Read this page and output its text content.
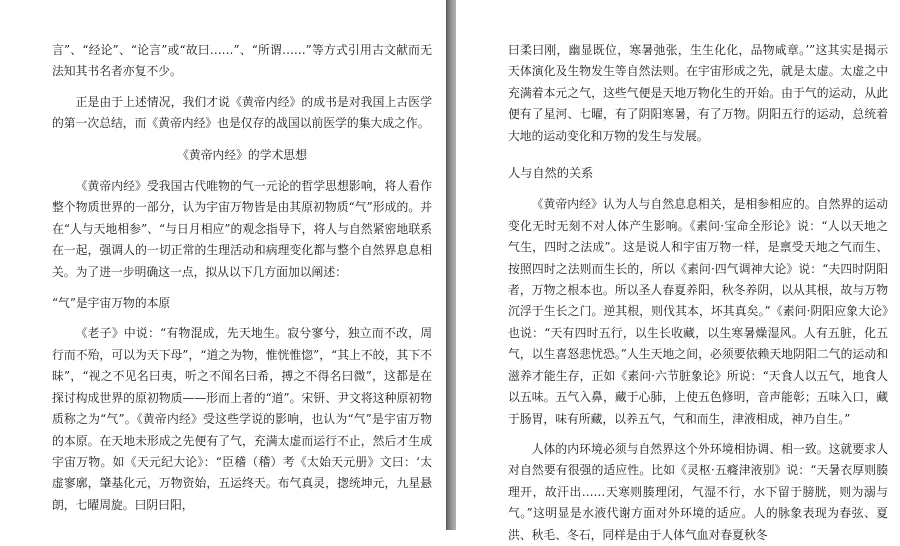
言”、“经论”、“论言”或“故曰……”、“所谓……”等方式引用古文献而无法知其书名者亦复不少。

正是由于上述情况，我们才说《黄帝内经》的成书是对我国上古医学的第一次总结，而《黄帝内经》也是仅存的战国以前医学的集大成之作。

《黄帝内经》的学术思想

《黄帝内经》受我国古代唯物的气一元论的哲学思想影响，将人看作整个物质世界的一部分，认为宇宙万物皆是由其原初物质“气”形成的。并在“人与天地相参”、“与日月相应”的观念指导下，将人与自然紧密地联系在一起，强调人的一切正常的生理活动和病理变化都与整个自然界息息相关。为了进一步明确这一点，拟从以下几方面加以阐述：

“气”是宇宙万物的本原

《老子》中说：“有物混成，先天地生。寂兮寥兮，独立而不改，周行而不殆，可以为天下母”，“道之为物，惟恍惟惚”，“其上不皎，其下不昧”，“视之不见名曰夷，听之不闻名曰希，搏之不得名曰微”，这都是在探讨构成世界的原初物质——形而上者的“道”。宋钘、尹文将这种原初物质称之为“气”。《黄帝内经》受这些学说的影响，也认为“气”是宇宙万物的本原。在天地未形成之先便有了气，充满太虚而运行不止，然后才生成宇宙万物。如《天元纪大论》：“臣稽（稽）考《太始天元册》文曰：‘太虚寥廓，肇基化元，万物资始，五运终天。布气真灵，揔统坤元，九星悬朗，七曜周旋。曰阴曰阳，

曰柔曰刚，幽显既位，寒暑弛张，生生化化，品物咸章。’”这其实是揭示天体演化及生物发生等自然法则。在宇宙形成之先，就是太虚。太虚之中充满着本元之气，这些气便是天地万物化生的开始。由于气的运动，从此便有了星河、七曜，有了阴阳寒暑，有了万物。阴阳五行的运动，总统着大地的运动变化和万物的发生与发展。

人与自然的关系

《黄帝内经》认为人与自然息息相关，是相参相应的。自然界的运动变化无时无刻不对人体产生影响。《素问·宝命全形论》说：“人以天地之气生，四时之法成”。这是说人和宇宙万物一样，是禀受天地之气而生、按照四时之法则而生长的，所以《素问·四气调神大论》说：“夫四时阴阳者，万物之根本也。所以圣人春夏养阳，秋冬养阴，以从其根，故与万物沉浮于生长之门。逆其根，则伐其本，坏其真矣。”《素问·阴阳应象大论》也说：“天有四时五行，以生长收藏，以生寒暑燥湿风。人有五脏，化五气，以生喜怒悲忧恐。”人生天地之间，必须要依赖天地阴阳二气的运动和滋养才能生存，正如《素问·六节脏象论》所说：“天食人以五气，地食人以五味。五气入鼻，藏于心肺，上使五色修明，音声能彰；五味入口，藏于肠胃，味有所藏，以养五气，气和而生，津液相成，神乃自生。”

人体的内环境必须与自然界这个外环境相协调、相一致。这就要求人对自然要有很强的适应性。比如《灵枢·五癃津液别》说：“天暑衣厚则腠理开，故汗出……天寒则腠理闭，气湿不行，水下留于膀胱，则为溺与气。”这明显是水液代谢方面对外环境的适应。人的脉象表现为春弦、夏洪、秋毛、冬石，同样是由于人体气血对春夏秋冬
